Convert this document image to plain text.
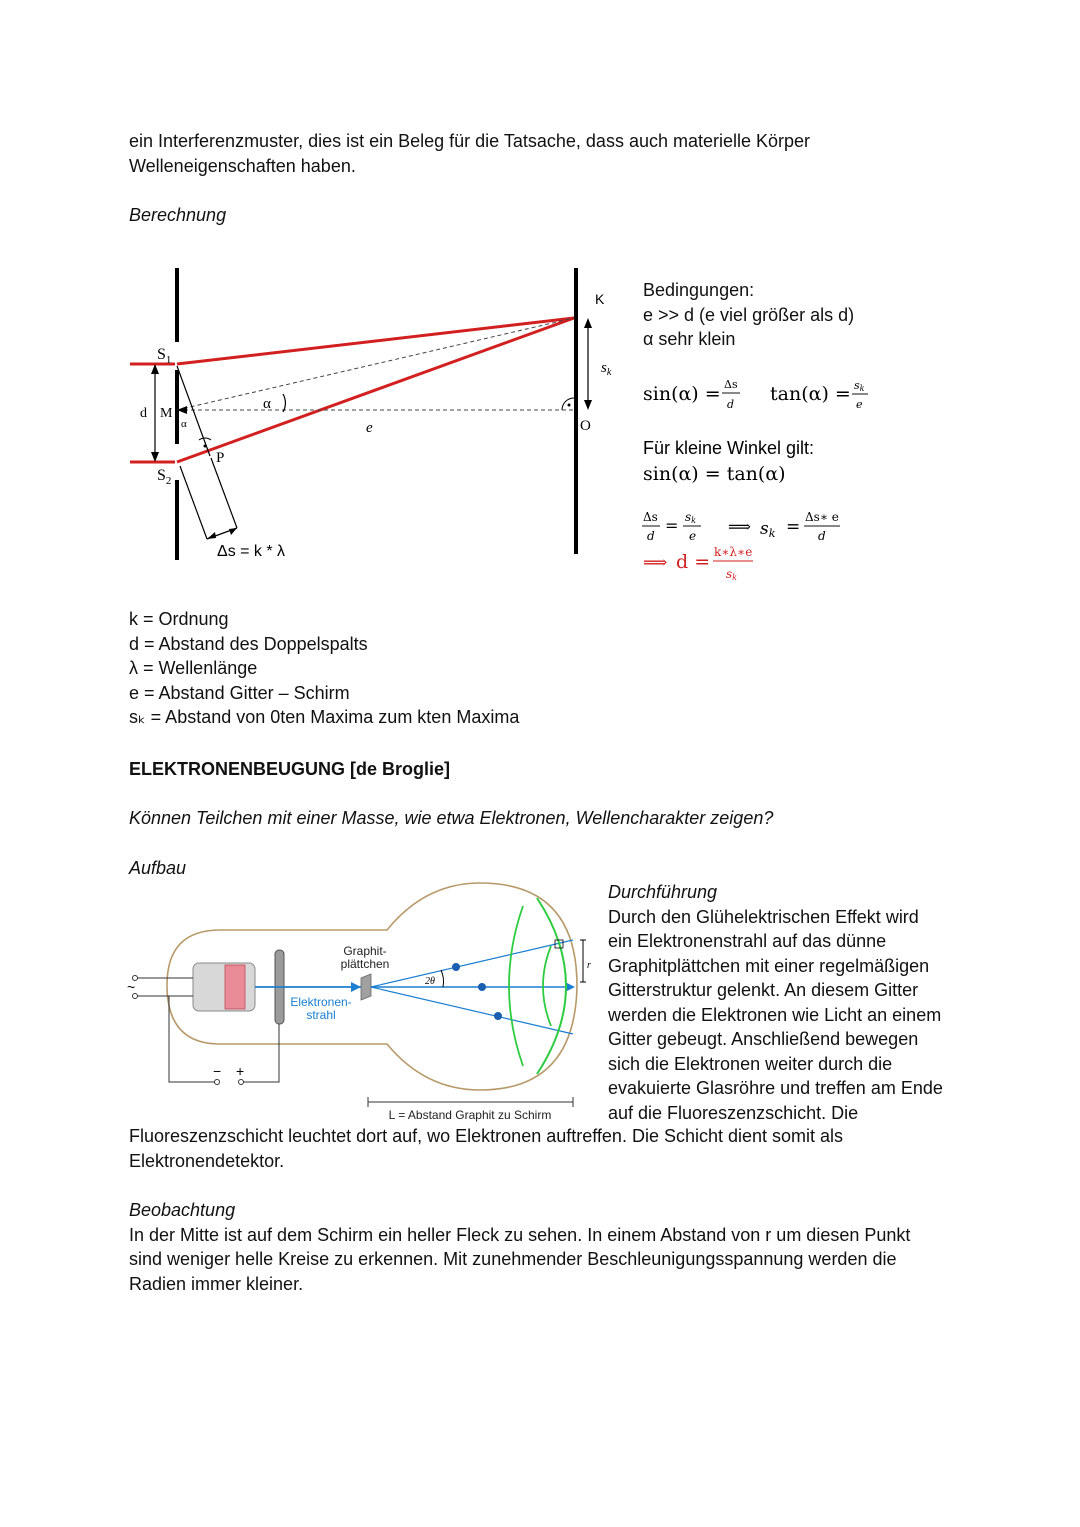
ein Interferenzmuster, dies ist ein Beleg für die Tatsache, dass auch materielle Körper
Welleneigenschaften haben.
Berechnung
$S_1$
$S_2$
d M
α
α
P
e
K
$s_k$
O
Δs = k * λ
Bedingungen:
e >> d (e viel größer als d)
α sehr klein
sin(α) = Δs
d tan(α) = sk
e
Für kleine Winkel gilt:
sin(α) = tan(α)
Δs
d
= sk
e ⟹ sk = Δs∗ e
d
⟹ d = k∗λ∗e
sk
k = Ordnung
d = Abstand des Doppelspalts
λ = Wellenlänge
e = Abstand Gitter – Schirm
sₖ = Abstand von 0ten Maxima zum kten Maxima
ELEKTRONENBEUGUNG [de Broglie]
Können Teilchen mit einer Masse, wie etwa Elektronen, Wellencharakter zeigen?
Aufbau
2θ
r
Graphit-
plättchen
Elektronen-
strahl
~
− +
L = Abstand Graphit zu Schirm
Durchführung
Durch den Glühelektrischen Effekt wird
ein Elektronenstrahl auf das dünne
Graphitplättchen mit einer regelmäßigen
Gitterstruktur gelenkt. An diesem Gitter
werden die Elektronen wie Licht an einem
Gitter gebeugt. Anschließend bewegen
sich die Elektronen weiter durch die
evakuierte Glasröhre und treffen am Ende
auf die Fluoreszenzschicht. Die
Fluoreszenzschicht leuchtet dort auf, wo Elektronen auftreffen. Die Schicht dient somit als
Elektronendetektor.
Beobachtung
In der Mitte ist auf dem Schirm ein heller Fleck zu sehen. In einem Abstand von r um diesen Punkt
sind weniger helle Kreise zu erkennen. Mit zunehmender Beschleunigungsspannung werden die
Radien immer kleiner.
